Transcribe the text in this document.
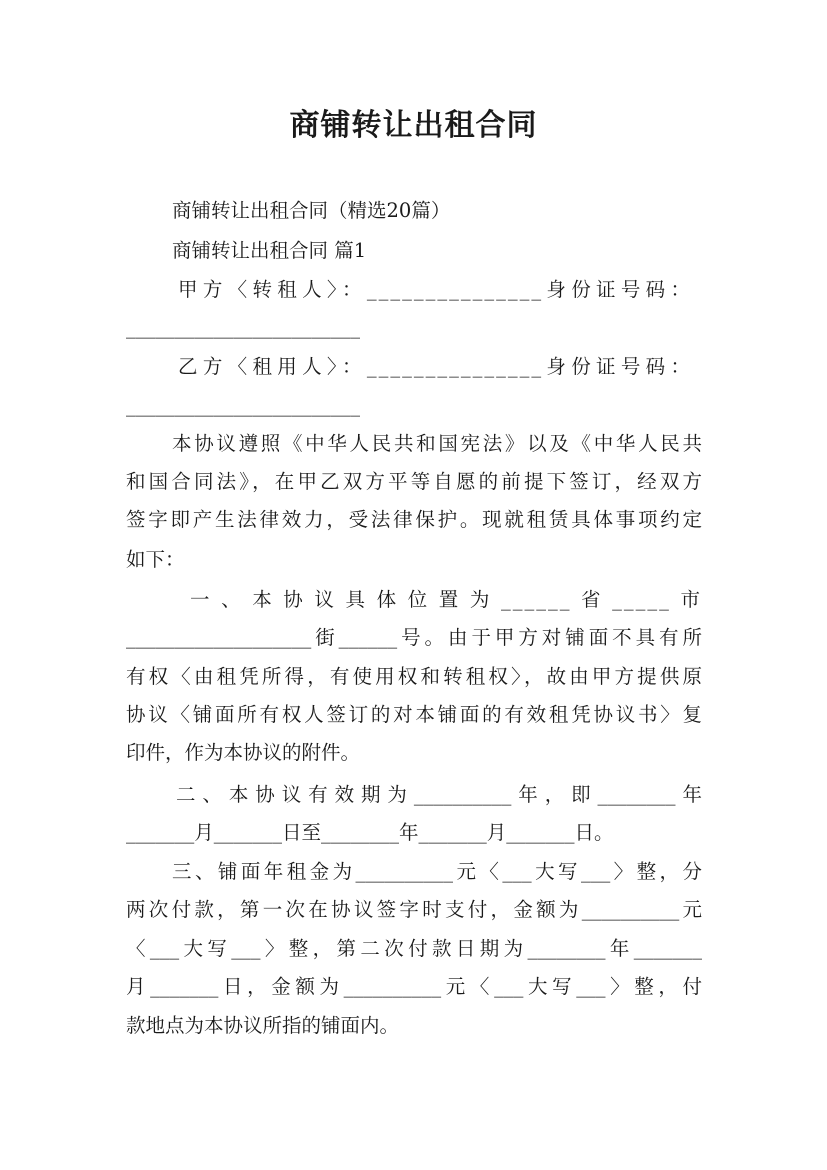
商铺转让出租合同
商铺转让出租合同（精选20篇）
商铺转让出租合同 篇1
甲方〈转租人〉：_______________身份证号码：
________________________
乙方〈租用人〉：_______________身份证号码：
________________________
本协议遵照《中华人民共和国宪法》以及《中华人民共
和国合同法》，在甲乙双方平等自愿的前提下签订，经双方
签字即产生法律效力，受法律保护。现就租赁具体事项约定
如下：
一、本协议具体位置为______省_____市
___________________街______号。由于甲方对铺面不具有所
有权〈由租凭所得，有使用权和转租权〉，故由甲方提供原
协议〈铺面所有权人签订的对本铺面的有效租凭协议书〉复
印件，作为本协议的附件。
二、本协议有效期为__________年，即________年
_______月_______日至________年_______月_______日。
三、铺面年租金为__________元〈___大写___〉整，分
两次付款，第一次在协议签字时支付，金额为__________元
〈___大写___〉整，第二次付款日期为________年_______
月_______日，金额为__________元〈___大写___〉整，付
款地点为本协议所指的铺面内。
